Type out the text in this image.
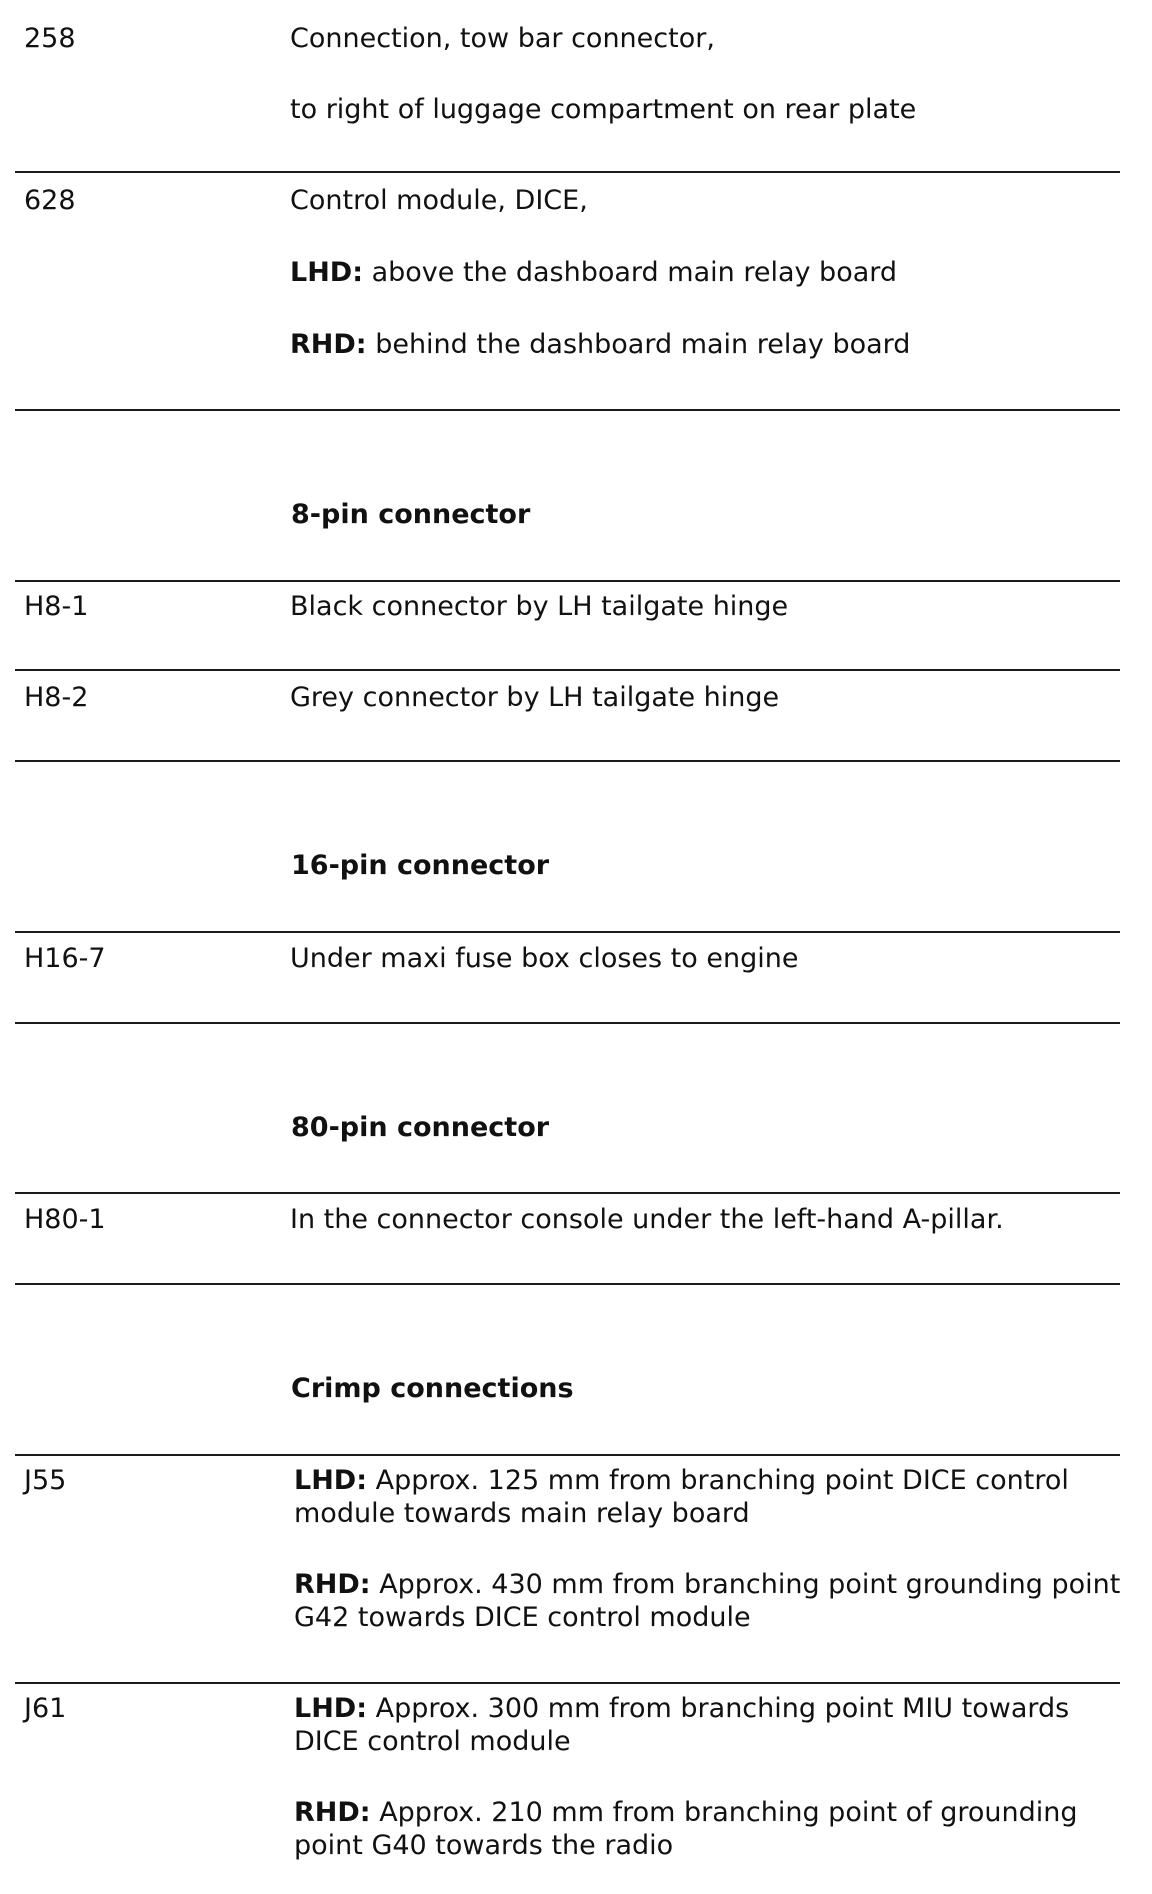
258	Connection, tow bar connector,
to right of luggage compartment on rear plate
628	Control module, DICE,
LHD: above the dashboard main relay board
RHD: behind the dashboard main relay board
8-pin connector
H8-1	Black connector by LH tailgate hinge
H8-2	Grey connector by LH tailgate hinge
16-pin connector
H16-7	Under maxi fuse box closes to engine
80-pin connector
H80-1	In the connector console under the left-hand A-pillar.
Crimp connections
J55	LHD: Approx. 125 mm from branching point DICE control module towards main relay board
RHD: Approx. 430 mm from branching point grounding point G42 towards DICE control module
J61	LHD: Approx. 300 mm from branching point MIU towards DICE control module
RHD: Approx. 210 mm from branching point of grounding point G40 towards the radio
